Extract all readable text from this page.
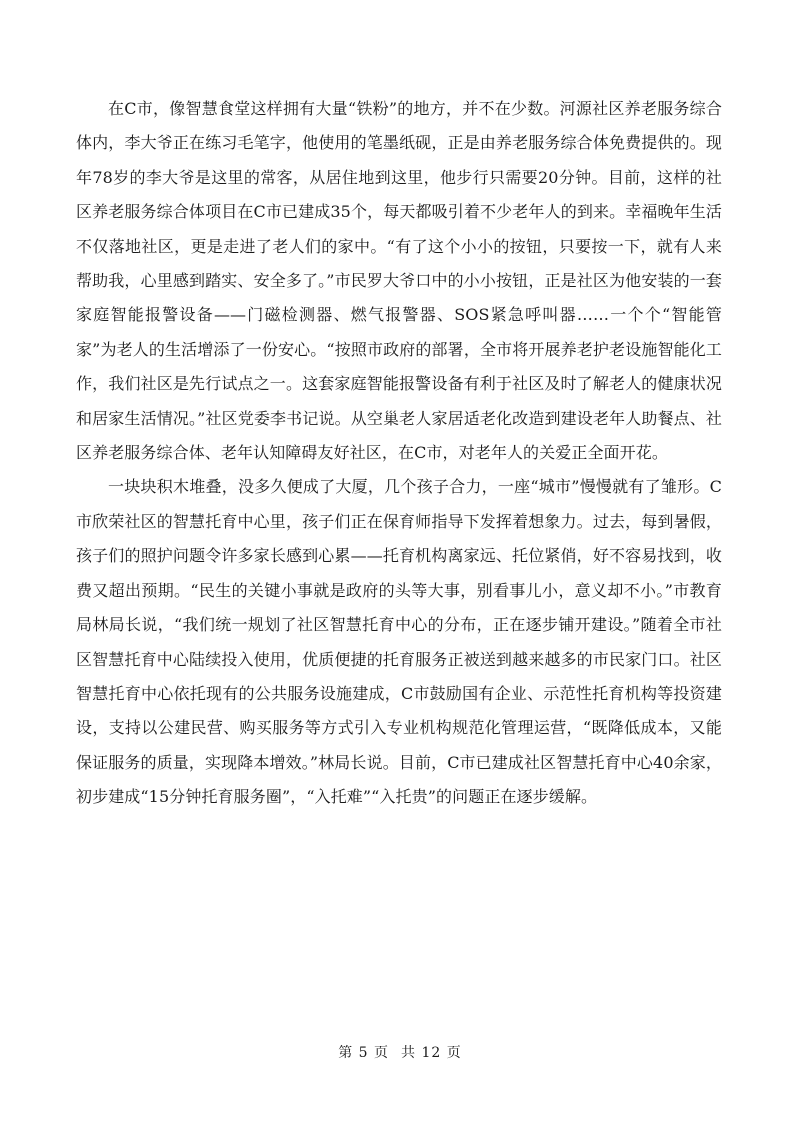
在C市，像智慧食堂这样拥有大量“铁粉”的地方，并不在少数。河源社区养老服务综合体内，李大爷正在练习毛笔字，他使用的笔墨纸砚，正是由养老服务综合体免费提供的。现年78岁的李大爷是这里的常客，从居住地到这里，他步行只需要20分钟。目前，这样的社区养老服务综合体项目在C市已建成35个，每天都吸引着不少老年人的到来。幸福晚年生活不仅落地社区，更是走进了老人们的家中。“有了这个小小的按钮，只要按一下，就有人来帮助我，心里感到踏实、安全多了。”市民罗大爷口中的小小按钮，正是社区为他安装的一套家庭智能报警设备——门磁检测器、燃气报警器、SOS紧急呼叫器……一个个“智能管家”为老人的生活增添了一份安心。“按照市政府的部署，全市将开展养老护老设施智能化工作，我们社区是先行试点之一。这套家庭智能报警设备有利于社区及时了解老人的健康状况和居家生活情况。”社区党委李书记说。从空巢老人家居适老化改造到建设老年人助餐点、社区养老服务综合体、老年认知障碍友好社区，在C市，对老年人的关爱正全面开花。

一块块积木堆叠，没多久便成了大厦，几个孩子合力，一座“城市”慢慢就有了雏形。C市欣荣社区的智慧托育中心里，孩子们正在保育师指导下发挥着想象力。过去，每到暑假，孩子们的照护问题令许多家长感到心累——托育机构离家远、托位紧俏，好不容易找到，收费又超出预期。“民生的关键小事就是政府的头等大事，别看事儿小，意义却不小。”市教育局林局长说，“我们统一规划了社区智慧托育中心的分布，正在逐步铺开建设。”随着全市社区智慧托育中心陆续投入使用，优质便捷的托育服务正被送到越来越多的市民家门口。社区智慧托育中心依托现有的公共服务设施建成，C市鼓励国有企业、示范性托育机构等投资建设，支持以公建民营、购买服务等方式引入专业机构规范化管理运营，“既降低成本，又能保证服务的质量，实现降本增效。”林局长说。目前，C市已建成社区智慧托育中心40余家，初步建成“15分钟托育服务圈”，“入托难”“入托贵”的问题正在逐步缓解。

第 5 页 共 12 页
